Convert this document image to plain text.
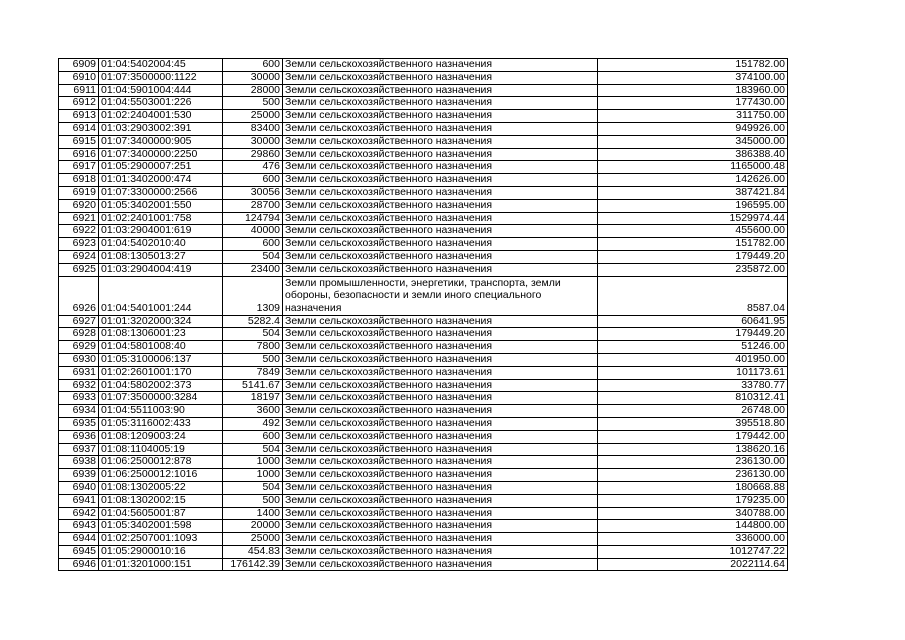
6909	01:04:5402004:45	600	Земли сельскохозяйственного назначения	151782.00
6910	01:07:3500000:1122	30000	Земли сельскохозяйственного назначения	374100.00
6911	01:04:5901004:444	28000	Земли сельскохозяйственного назначения	183960.00
6912	01:04:5503001:226	500	Земли сельскохозяйственного назначения	177430.00
6913	01:02:2404001:530	25000	Земли сельскохозяйственного назначения	311750.00
6914	01:03:2903002:391	83400	Земли сельскохозяйственного назначения	949926.00
6915	01:07:3400000:905	30000	Земли сельскохозяйственного назначения	345000.00
6916	01:07:3400000:2250	29860	Земли сельскохозяйственного назначения	386388.40
6917	01:05:2900007:251	476	Земли сельскохозяйственного назначения	1165000.48
6918	01:01:3402000:474	600	Земли сельскохозяйственного назначения	142626.00
6919	01:07:3300000:2566	30056	Земли сельскохозяйственного назначения	387421.84
6920	01:05:3402001:550	28700	Земли сельскохозяйственного назначения	196595.00
6921	01:02:2401001:758	124794	Земли сельскохозяйственного назначения	1529974.44
6922	01:03:2904001:619	40000	Земли сельскохозяйственного назначения	455600.00
6923	01:04:5402010:40	600	Земли сельскохозяйственного назначения	151782.00
6924	01:08:1305013:27	504	Земли сельскохозяйственного назначения	179449.20
6925	01:03:2904004:419	23400	Земли сельскохозяйственного назначения	235872.00
6926	01:04:5401001:244	1309	Земли промышленности, энергетики, транспорта, земли обороны, безопасности и земли иного специального назначения	8587.04
6927	01:01:3202000:324	5282.4	Земли сельскохозяйственного назначения	60641.95
6928	01:08:1306001:23	504	Земли сельскохозяйственного назначения	179449.20
6929	01:04:5801008:40	7800	Земли сельскохозяйственного назначения	51246.00
6930	01:05:3100006:137	500	Земли сельскохозяйственного назначения	401950.00
6931	01:02:2601001:170	7849	Земли сельскохозяйственного назначения	101173.61
6932	01:04:5802002:373	5141.67	Земли сельскохозяйственного назначения	33780.77
6933	01:07:3500000:3284	18197	Земли сельскохозяйственного назначения	810312.41
6934	01:04:5511003:90	3600	Земли сельскохозяйственного назначения	26748.00
6935	01:05:3116002:433	492	Земли сельскохозяйственного назначения	395518.80
6936	01:08:1209003:24	600	Земли сельскохозяйственного назначения	179442.00
6937	01:08:1104005:19	504	Земли сельскохозяйственного назначения	138620.16
6938	01:06:2500012:878	1000	Земли сельскохозяйственного назначения	236130.00
6939	01:06:2500012:1016	1000	Земли сельскохозяйственного назначения	236130.00
6940	01:08:1302005:22	504	Земли сельскохозяйственного назначения	180668.88
6941	01:08:1302002:15	500	Земли сельскохозяйственного назначения	179235.00
6942	01:04:5605001:87	1400	Земли сельскохозяйственного назначения	340788.00
6943	01:05:3402001:598	20000	Земли сельскохозяйственного назначения	144800.00
6944	01:02:2507001:1093	25000	Земли сельскохозяйственного назначения	336000.00
6945	01:05:2900010:16	454.83	Земли сельскохозяйственного назначения	1012747.22
6946	01:01:3201000:151	176142.39	Земли сельскохозяйственного назначения	2022114.64
